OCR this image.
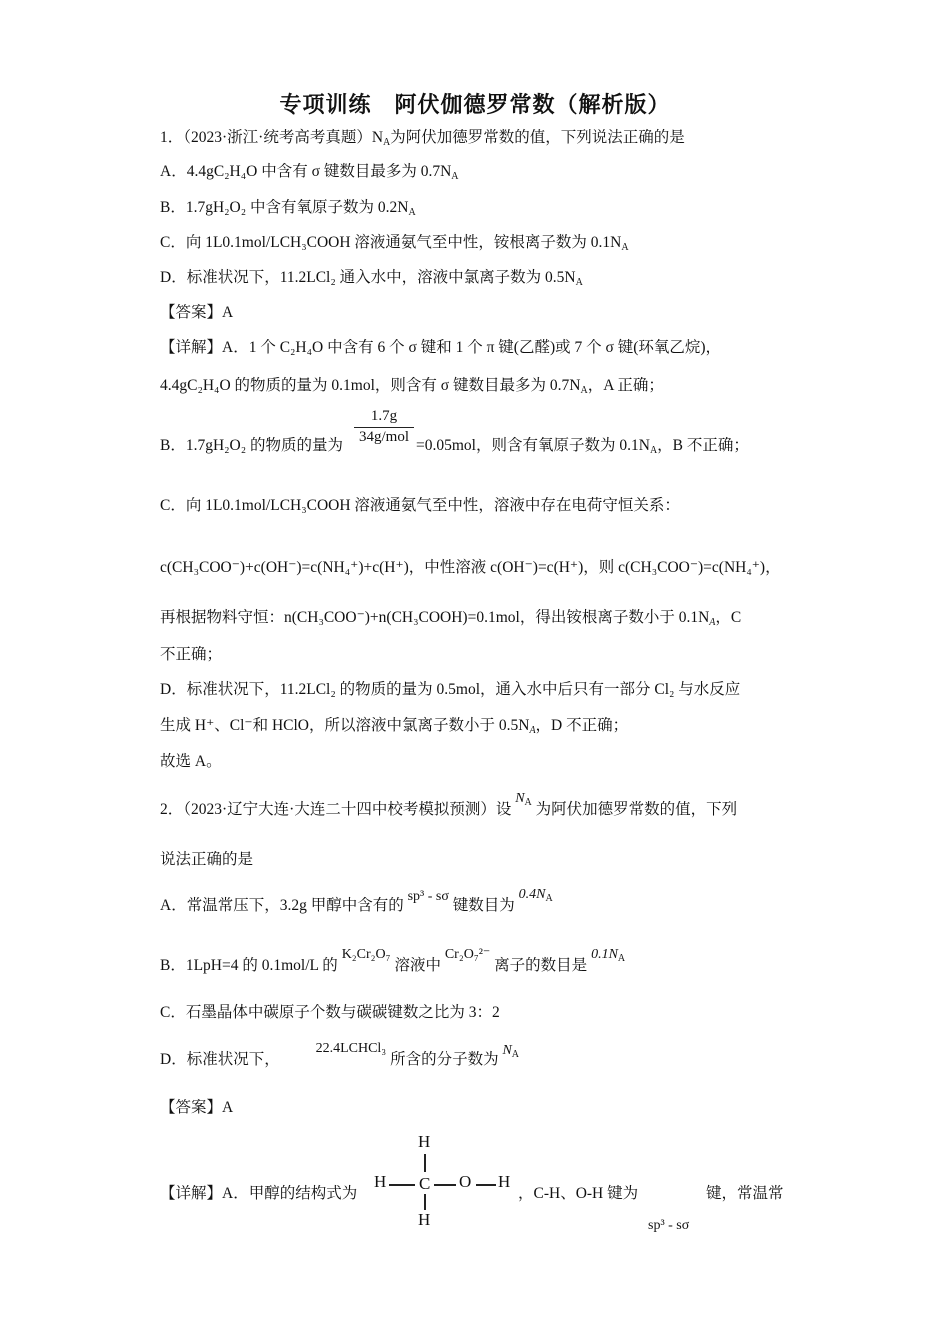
专项训练　阿伏伽德罗常数（解析版）
1．（2023·浙江·统考高考真题）$N_A$为阿伏加德罗常数的值，下列说法正确的是
A．4.4gC₂H₄O 中含有 σ 键数目最多为 $0.7N_A$
B．1.7gH₂O₂ 中含有氧原子数为 $0.2N_A$
C．向 1L0.1mol/LCH₃COOH 溶液通氨气至中性，铵根离子数为 $0.1N_A$
D．标准状况下，11.2LCl₂ 通入水中，溶液中氯离子数为 $0.5N_A$
【答案】A
【详解】A．1 个 C₂H₄O 中含有 6 个 σ 键和 1 个 π 键(乙醛)或 7 个 σ 键(环氧乙烷)，
4.4gC₂H₄O 的物质的量为 0.1mol，则含有 σ 键数目最多为 $0.7N_A$，A 正确；
1.7g
34g/mol
B．1.7gH₂O₂ 的物质的量为	=0.05mol，则含有氧原子数为 $0.1N_A$，B 不正确；
C．向 1L0.1mol/LCH₃COOH 溶液通氨气至中性，溶液中存在电荷守恒关系：
c(CH₃COO⁻)+c(OH⁻)=c(NH₄⁺)+c(H⁺)，中性溶液 c(OH⁻)=c(H⁺)，则 c(CH₃COO⁻)=c(NH₄⁺)，
再根据物料守恒：n(CH₃COO⁻)+n(CH₃COOH)=0.1mol，得出铵根离子数小于 $0.1N_A$，C
不正确；
D．标准状况下，11.2LCl₂ 的物质的量为 0.5mol，通入水中后只有一部分 Cl₂ 与水反应
生成 H⁺、Cl⁻和 HClO，所以溶液中氯离子数小于 $0.5N_A$，D 不正确；
故选 A。
2．（2023·辽宁大连·大连二十四中校考模拟预测）设 $N_A$ 为阿伏加德罗常数的值，下列
说法正确的是
A．常温常压下，3.2g 甲醇中含有的 sp³ - sσ 键数目为 $0.4N_A$
B．1LpH=4 的 0.1mol/L 的 K₂Cr₂O₇ 溶液中 Cr₂O₇²⁻ 离子的数目是 $0.1N_A$
C．石墨晶体中碳原子个数与碳碳键数之比为 3：2
D．标准状况下， 22.4LCHCl₃ 所含的分子数为 $N_A$
【答案】A
【详解】A．甲醇的结构式为
H
H C O H
H
，C-H、O-H 键为	键，常温常
sp³ - sσ
